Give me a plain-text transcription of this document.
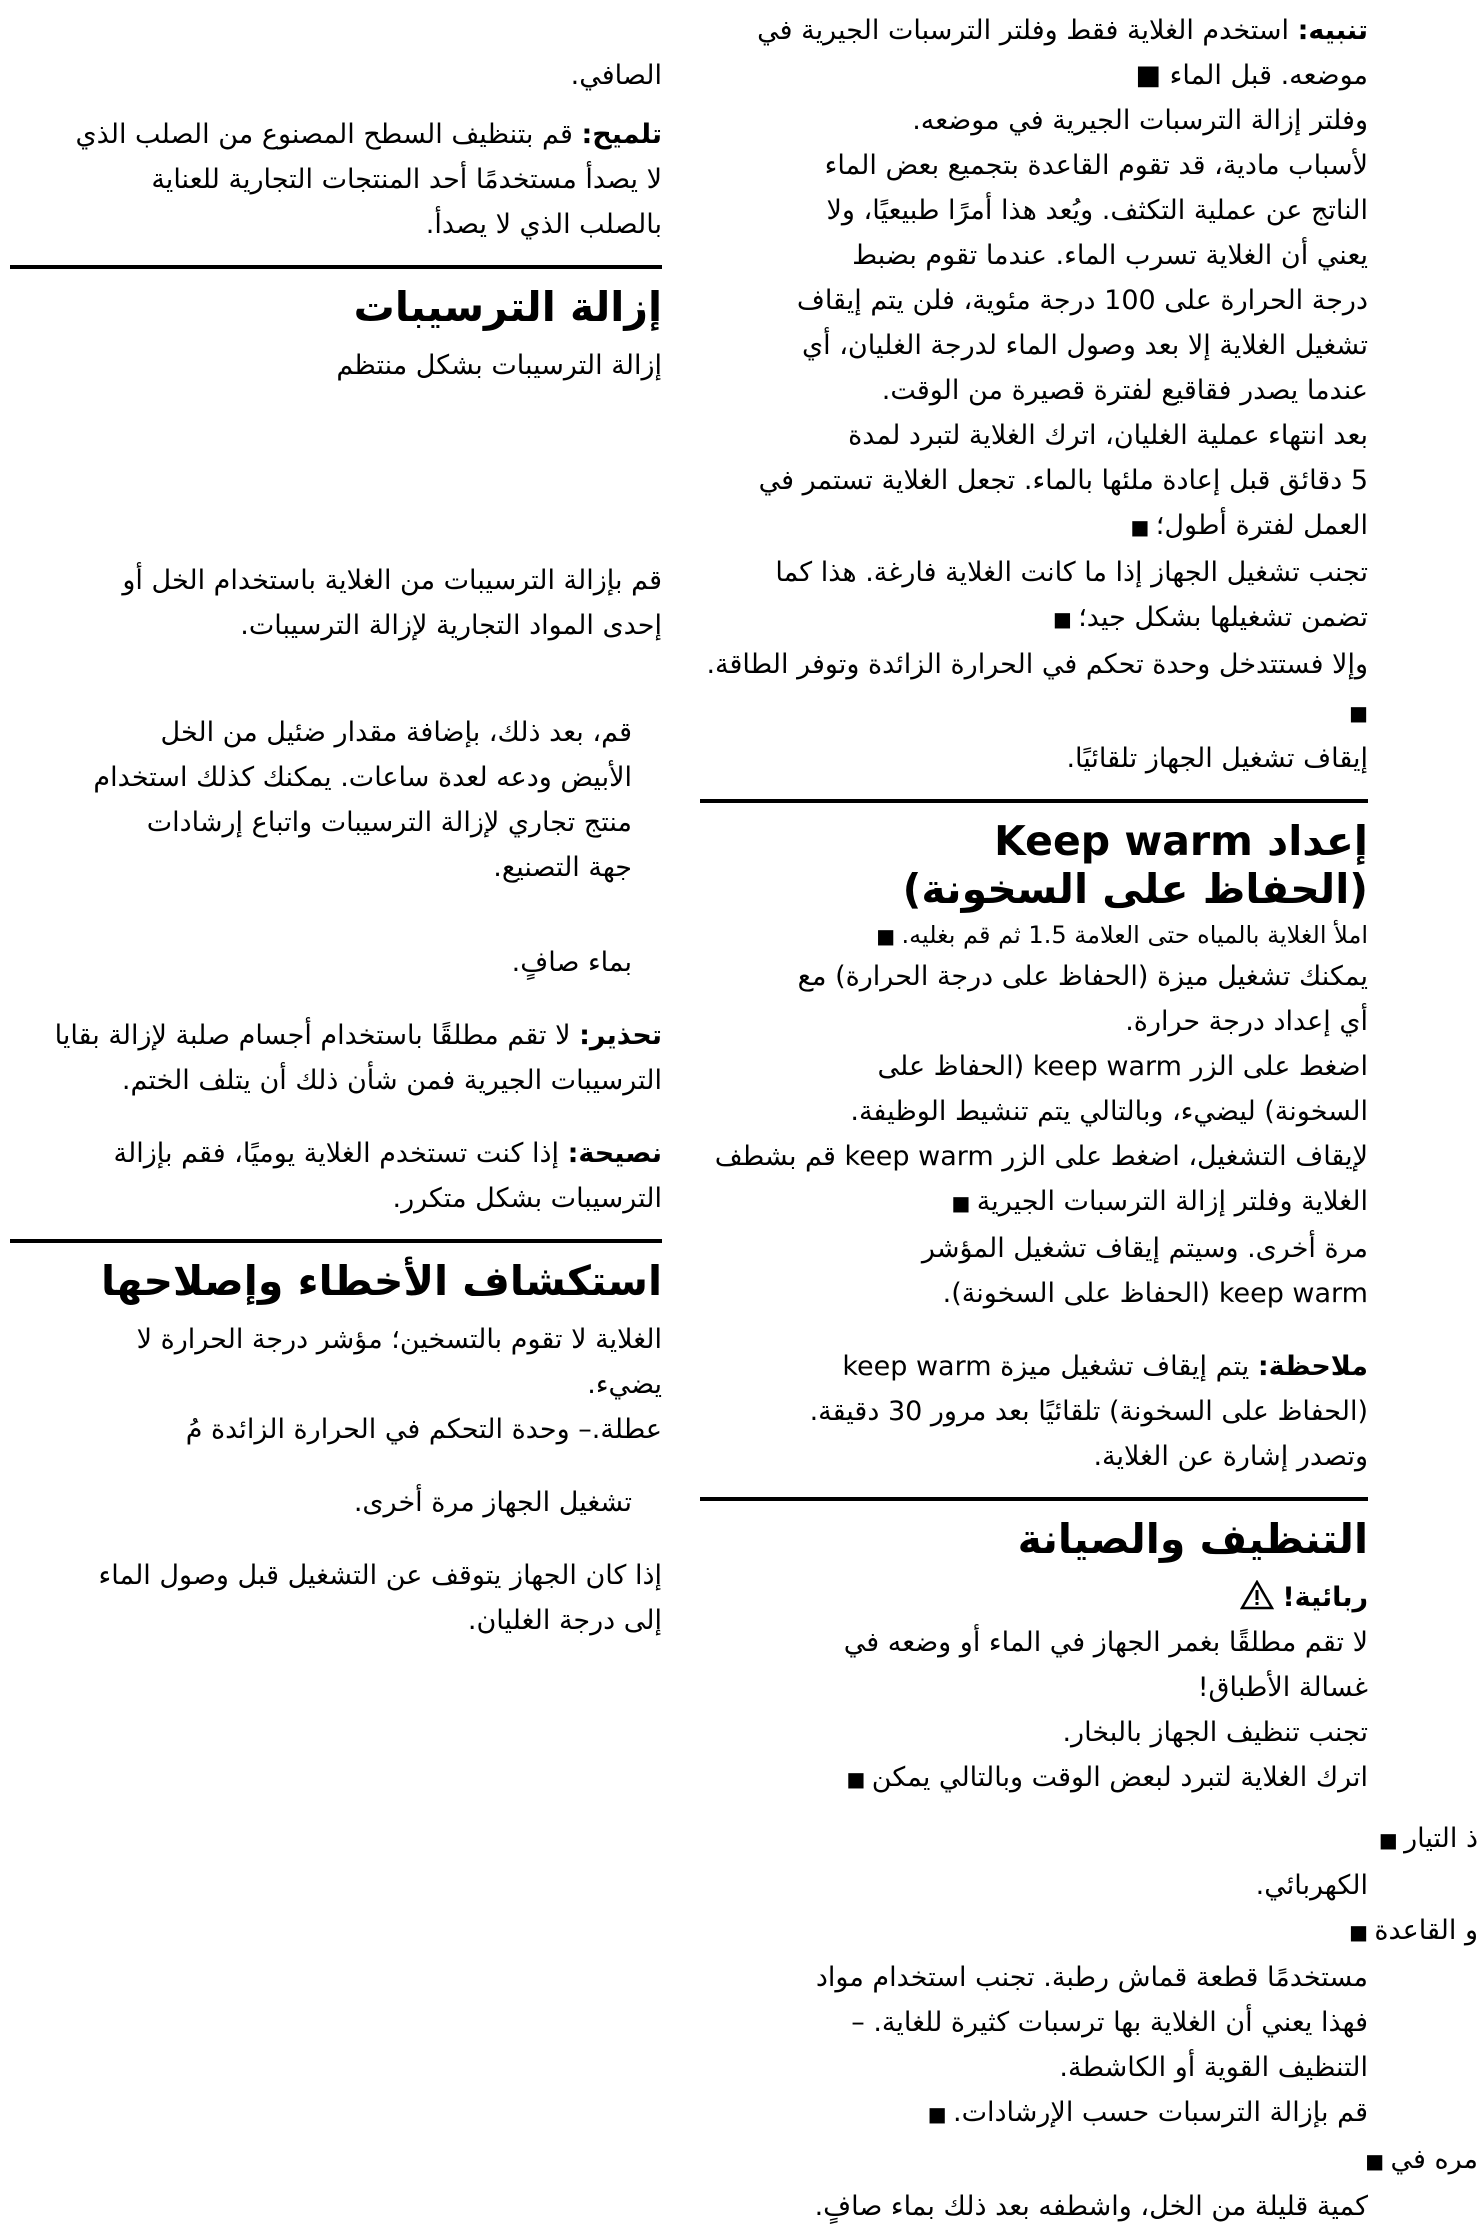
تنبيه: استخدم الغلاية فقط وفلتر الترسبات الجيرية في موضعه. قبل الماء ■

وفلتر إزالة الترسبات الجيرية في موضعه.

لأسباب مادية، قد تقوم القاعدة بتجميع بعض الماء

الناتج عن عملية التكثف. ويُعد هذا أمرًا طبيعيًا، ولا

يعني أن الغلاية تسرب الماء. عندما تقوم بضبط

درجة الحرارة على 100 درجة مئوية، فلن يتم إيقاف

تشغيل الغلاية إلا بعد وصول الماء لدرجة الغليان، أي

عندما يصدر فقاقيع لفترة قصيرة من الوقت.

بعد انتهاء عملية الغليان، اترك الغلاية لتبرد لمدة

5 دقائق قبل إعادة ملئها بالماء. تجعل الغلاية تستمر في العمل لفترة أطول؛ ■

تجنب تشغيل الجهاز إذا ما كانت الغلاية فارغة. هذا كما تضمن تشغيلها بشكل جيد؛ ■

وإلا فستتدخل وحدة تحكم في الحرارة الزائدة وتوفر الطاقة. ■

إيقاف تشغيل الجهاز تلقائيًا.

إعداد Keep warm
(الحفاظ على السخونة)

املأ الغلاية بالمياه حتى العلامة 1.5 ثم قم بغليه. ■

يمكنك تشغيل ميزة (الحفاظ على درجة الحرارة) مع

أي إعداد درجة حرارة.

اضغط على الزر keep warm (الحفاظ على

السخونة) ليضيء، وبالتالي يتم تنشيط الوظيفة.

لإيقاف التشغيل، اضغط على الزر keep warm قم بشطف الغلاية وفلتر إزالة الترسبات الجيرية ■

مرة أخرى. وسيتم إيقاف تشغيل المؤشر

keep warm (الحفاظ على السخونة).

ملاحظة: يتم إيقاف تشغيل ميزة keep warm

(الحفاظ على السخونة) تلقائيًا بعد مرور 30 دقيقة.

وتصدر إشارة عن الغلاية.

التنظيف والصيانة

ربائية!

لا تقم مطلقًا بغمر الجهاز في الماء أو وضعه في

غسالة الأطباق!

تجنب تنظيف الجهاز بالبخار.

اترك الغلاية لتبرد لبعض الوقت وبالتالي يمكن ■

ذ التيار ■

الكهربائي.

و القاعدة ■

مستخدمًا قطعة قماش رطبة. تجنب استخدام مواد

فهذا يعني أن الغلاية بها ترسبات كثيرة للغاية. –

التنظيف القوية أو الكاشطة.

قم بإزالة الترسبات حسب الإرشادات. ■

مره في ■

كمية قليلة من الخل، واشطفه بعد ذلك بماء صافٍ.

الصافي.

تلميح: قم بتنظيف السطح المصنوع من الصلب الذي

لا يصدأ مستخدمًا أحد المنتجات التجارية للعناية

بالصلب الذي لا يصدأ.

إزالة الترسيبات

إزالة الترسيبات بشكل منتظم

قم بإزالة الترسيبات من الغلاية باستخدام الخل أو

إحدى المواد التجارية لإزالة الترسيبات.

قم، بعد ذلك، بإضافة مقدار ضئيل من الخل

الأبيض ودعه لعدة ساعات. يمكنك كذلك استخدام

منتج تجاري لإزالة الترسيبات واتباع إرشادات

جهة التصنيع.

بماء صافٍ.

تحذير: لا تقم مطلقًا باستخدام أجسام صلبة لإزالة بقايا

الترسيبات الجيرية فمن شأن ذلك أن يتلف الختم.

نصيحة: إذا كنت تستخدم الغلاية يوميًا، فقم بإزالة

الترسيبات بشكل متكرر.

استكشاف الأخطاء وإصلاحها

الغلاية لا تقوم بالتسخين؛ مؤشر درجة الحرارة لا

يضيء.

عطلة.– وحدة التحكم في الحرارة الزائدة مُ

تشغيل الجهاز مرة أخرى.

إذا كان الجهاز يتوقف عن التشغيل قبل وصول الماء

إلى درجة الغليان.
